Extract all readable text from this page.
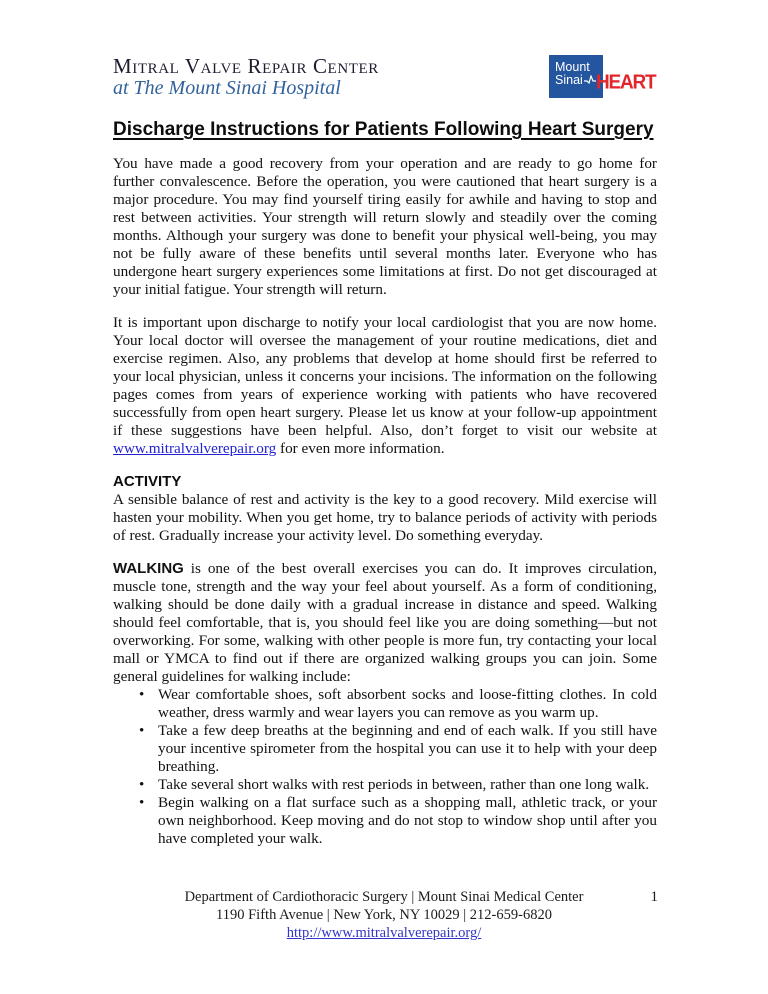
Mitral Valve Repair Center
at The Mount Sinai Hospital
Mount
Sinai HEART
Discharge Instructions for Patients Following Heart Surgery

You have made a good recovery from your operation and are ready to go home for further convalescence. Before the operation, you were cautioned that heart surgery is a major procedure. You may find yourself tiring easily for awhile and having to stop and rest between activities. Your strength will return slowly and steadily over the coming months. Although your surgery was done to benefit your physical well-being, you may not be fully aware of these benefits until several months later. Everyone who has undergone heart surgery experiences some limitations at first. Do not get discouraged at your initial fatigue. Your strength will return.

It is important upon discharge to notify your local cardiologist that you are now home. Your local doctor will oversee the management of your routine medications, diet and exercise regimen. Also, any problems that develop at home should first be referred to your local physician, unless it concerns your incisions. The information on the following pages comes from years of experience working with patients who have recovered successfully from open heart surgery. Please let us know at your follow-up appointment if these suggestions have been helpful. Also, don’t forget to visit our website at www.mitralvalverepair.org for even more information.

ACTIVITY

A sensible balance of rest and activity is the key to a good recovery. Mild exercise will hasten your mobility. When you get home, try to balance periods of activity with periods of rest. Gradually increase your activity level. Do something everyday.

WALKING is one of the best overall exercises you can do. It improves circulation, muscle tone, strength and the way your feel about yourself. As a form of conditioning, walking should be done daily with a gradual increase in distance and speed. Walking should feel comfortable, that is, you should feel like you are doing something—but not overworking. For some, walking with other people is more fun, try contacting your local mall or YMCA to find out if there are organized walking groups you can join. Some general guidelines for walking include:

• Wear comfortable shoes, soft absorbent socks and loose-fitting clothes. In cold weather, dress warmly and wear layers you can remove as you warm up.
• Take a few deep breaths at the beginning and end of each walk. If you still have your incentive spirometer from the hospital you can use it to help with your deep breathing.
• Take several short walks with rest periods in between, rather than one long walk.
• Begin walking on a flat surface such as a shopping mall, athletic track, or your own neighborhood. Keep moving and do not stop to window shop until after you have completed your walk.
Department of Cardiothoracic Surgery | Mount Sinai Medical Center
1190 Fifth Avenue | New York, NY 10029 | 212-659-6820
http://www.mitralvalverepair.org/
1
